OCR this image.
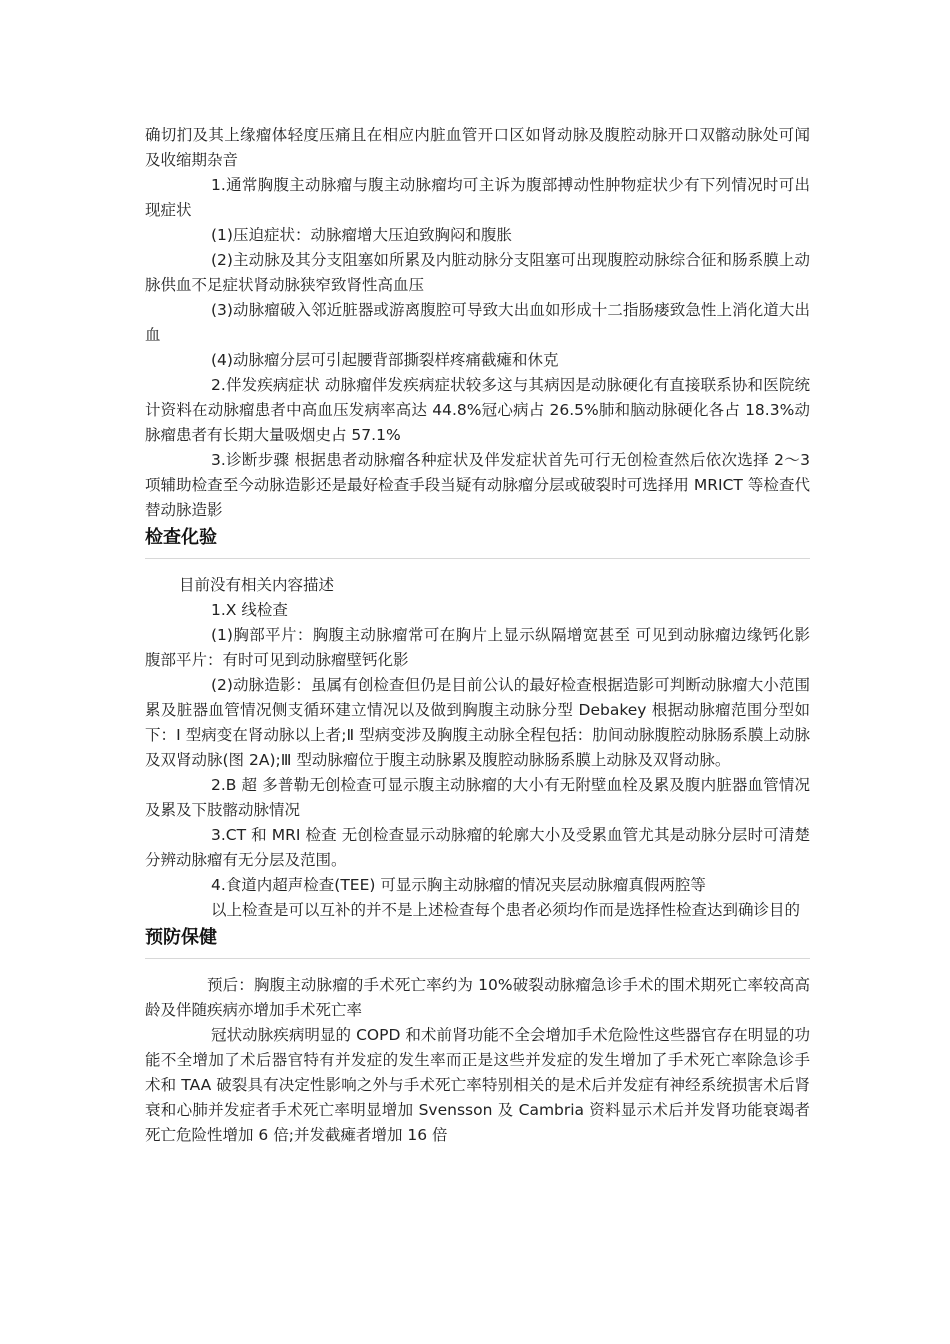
确切扪及其上缘瘤体轻度压痛且在相应内脏血管开口区如肾动脉及腹腔动脉开口双髂动脉处可闻及收缩期杂音

1.通常胸腹主动脉瘤与腹主动脉瘤均可主诉为腹部搏动性肿物症状少有下列情况时可出现症状

(1)压迫症状：动脉瘤增大压迫致胸闷和腹胀

(2)主动脉及其分支阻塞如所累及内脏动脉分支阻塞可出现腹腔动脉综合征和肠系膜上动脉供血不足症状肾动脉狭窄致肾性高血压

(3)动脉瘤破入邻近脏器或游离腹腔可导致大出血如形成十二指肠瘘致急性上消化道大出血

(4)动脉瘤分层可引起腰背部撕裂样疼痛截瘫和休克

2.伴发疾病症状 动脉瘤伴发疾病症状较多这与其病因是动脉硬化有直接联系协和医院统计资料在动脉瘤患者中高血压发病率高达 44.8%冠心病占 26.5%肺和脑动脉硬化各占 18.3%动脉瘤患者有长期大量吸烟史占 57.1%

3.诊断步骤 根据患者动脉瘤各种症状及伴发症状首先可行无创检查然后依次选择 2～3 项辅助检查至今动脉造影还是最好检查手段当疑有动脉瘤分层或破裂时可选择用 MRICT 等检查代替动脉造影

检查化验

目前没有相关内容描述

1.X 线检查

(1)胸部平片：胸腹主动脉瘤常可在胸片上显示纵隔增宽甚至 可见到动脉瘤边缘钙化影腹部平片：有时可见到动脉瘤壁钙化影

(2)动脉造影：虽属有创检查但仍是目前公认的最好检查根据造影可判断动脉瘤大小范围累及脏器血管情况侧支循环建立情况以及做到胸腹主动脉分型 Debakey 根据动脉瘤范围分型如下：Ⅰ 型病变在肾动脉以上者;Ⅱ 型病变涉及胸腹主动脉全程包括：肋间动脉腹腔动脉肠系膜上动脉及双肾动脉(图 2A);Ⅲ 型动脉瘤位于腹主动脉累及腹腔动脉肠系膜上动脉及双肾动脉。

2.B 超 多普勒无创检查可显示腹主动脉瘤的大小有无附壁血栓及累及腹内脏器血管情况及累及下肢髂动脉情况

3.CT 和 MRI 检查 无创检查显示动脉瘤的轮廓大小及受累血管尤其是动脉分层时可清楚分辨动脉瘤有无分层及范围。

4.食道内超声检查(TEE) 可显示胸主动脉瘤的情况夹层动脉瘤真假两腔等

以上检查是可以互补的并不是上述检查每个患者必须均作而是选择性检查达到确诊目的

预防保健

预后：胸腹主动脉瘤的手术死亡率约为 10%破裂动脉瘤急诊手术的围术期死亡率较高高龄及伴随疾病亦增加手术死亡率

冠状动脉疾病明显的 COPD 和术前肾功能不全会增加手术危险性这些器官存在明显的功能不全增加了术后器官特有并发症的发生率而正是这些并发症的发生增加了手术死亡率除急诊手术和 TAA 破裂具有决定性影响之外与手术死亡率特别相关的是术后并发症有神经系统损害术后肾衰和心肺并发症者手术死亡率明显增加 Svensson 及 Cambria 资料显示术后并发肾功能衰竭者死亡危险性增加 6 倍;并发截瘫者增加 16 倍
